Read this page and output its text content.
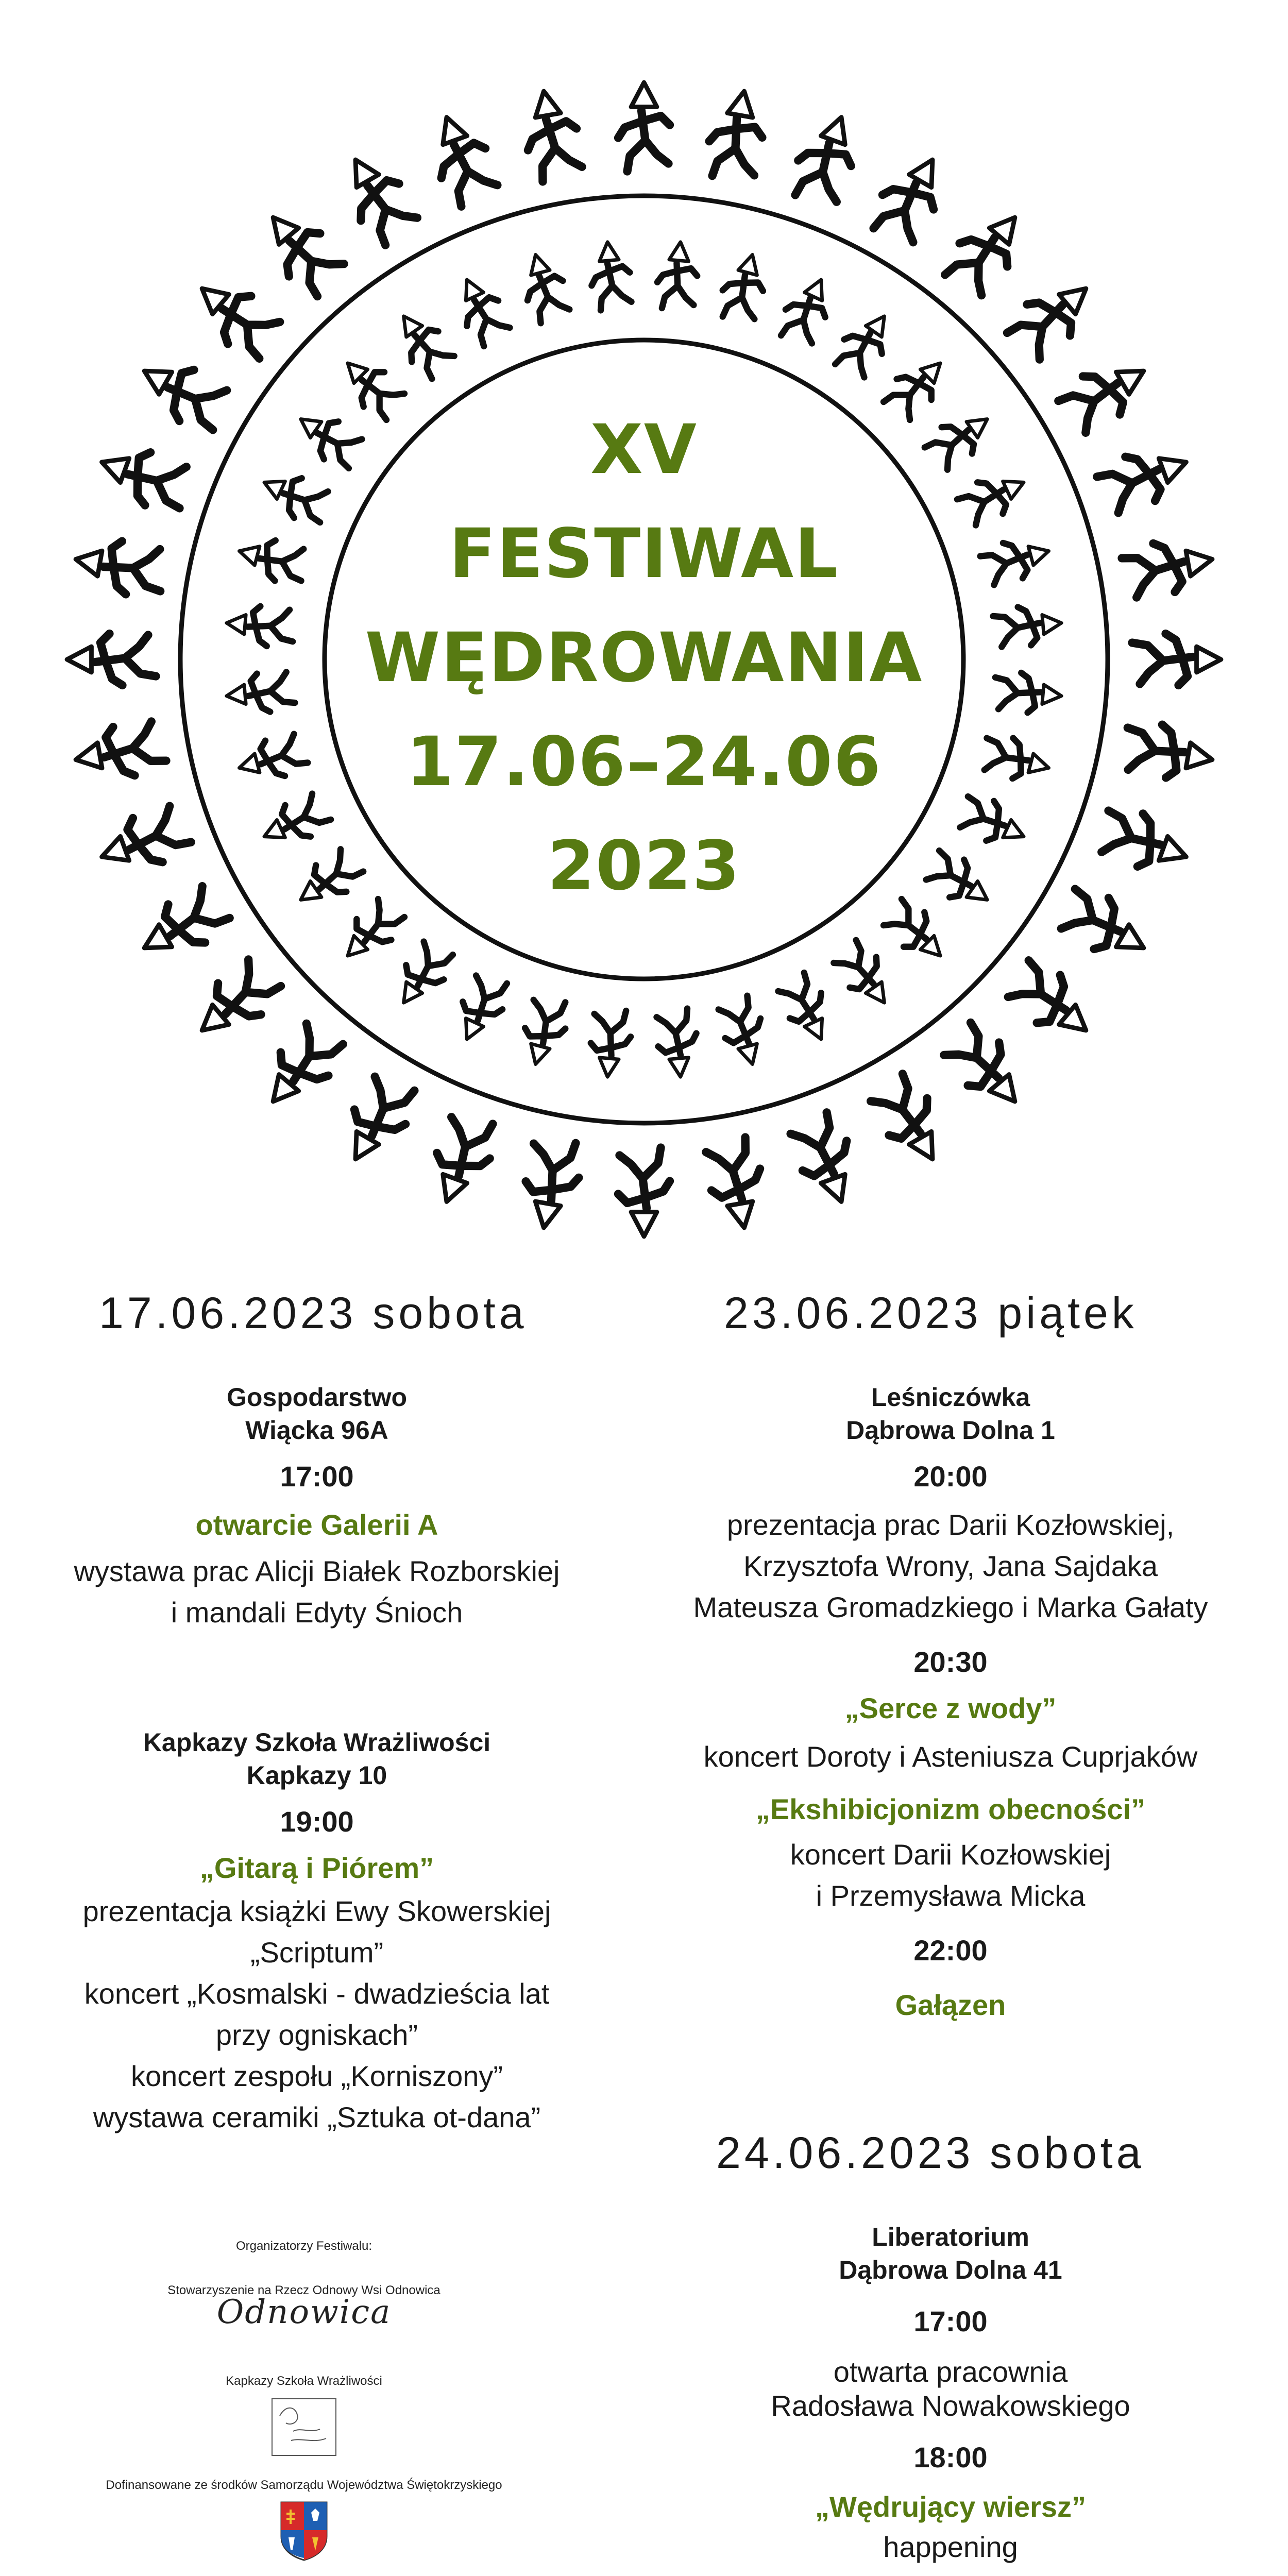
XV
FESTIWAL
WĘDROWANIA
17.06–24.06
2023
17.06.2023 sobota	23.06.2023 piątek
24.06.2023 sobota
Gospodarstwo
Wiącka 96A
17:00
otwarcie Galerii A
wystawa prac Alicji Białek Rozborskiej
i mandali Edyty Śnioch
Kapkazy Szkoła Wrażliwości
Kapkazy 10
19:00
„Gitarą i Piórem”
prezentacja książki Ewy Skowerskiej
„Scriptum”
koncert „Kosmalski - dwadzieścia lat
przy ogniskach”
koncert zespołu „Korniszony”
wystawa ceramiki „Sztuka ot-dana”
Leśniczówka
Dąbrowa Dolna 1
20:00
prezentacja prac Darii Kozłowskiej,
Krzysztofa Wrony, Jana Sajdaka
Mateusza Gromadzkiego i Marka Gałaty
20:30
„Serce z wody”
koncert Doroty i Asteniusza Cuprjaków
„Ekshibicjonizm obecności”
koncert Darii Kozłowskiej
i Przemysława Micka
22:00
Gałązen
Liberatorium
Dąbrowa Dolna 41
17:00
otwarta pracownia
Radosława Nowakowskiego
18:00
„Wędrujący wiersz”
happening
Organizatorzy Festiwalu:
Stowarzyszenie na Rzecz Odnowy Wsi Odnowica
Odnowica
Kapkazy Szkoła Wrażliwości
Dofinansowane ze środków Samorządu Województwa Świętokrzyskiego
